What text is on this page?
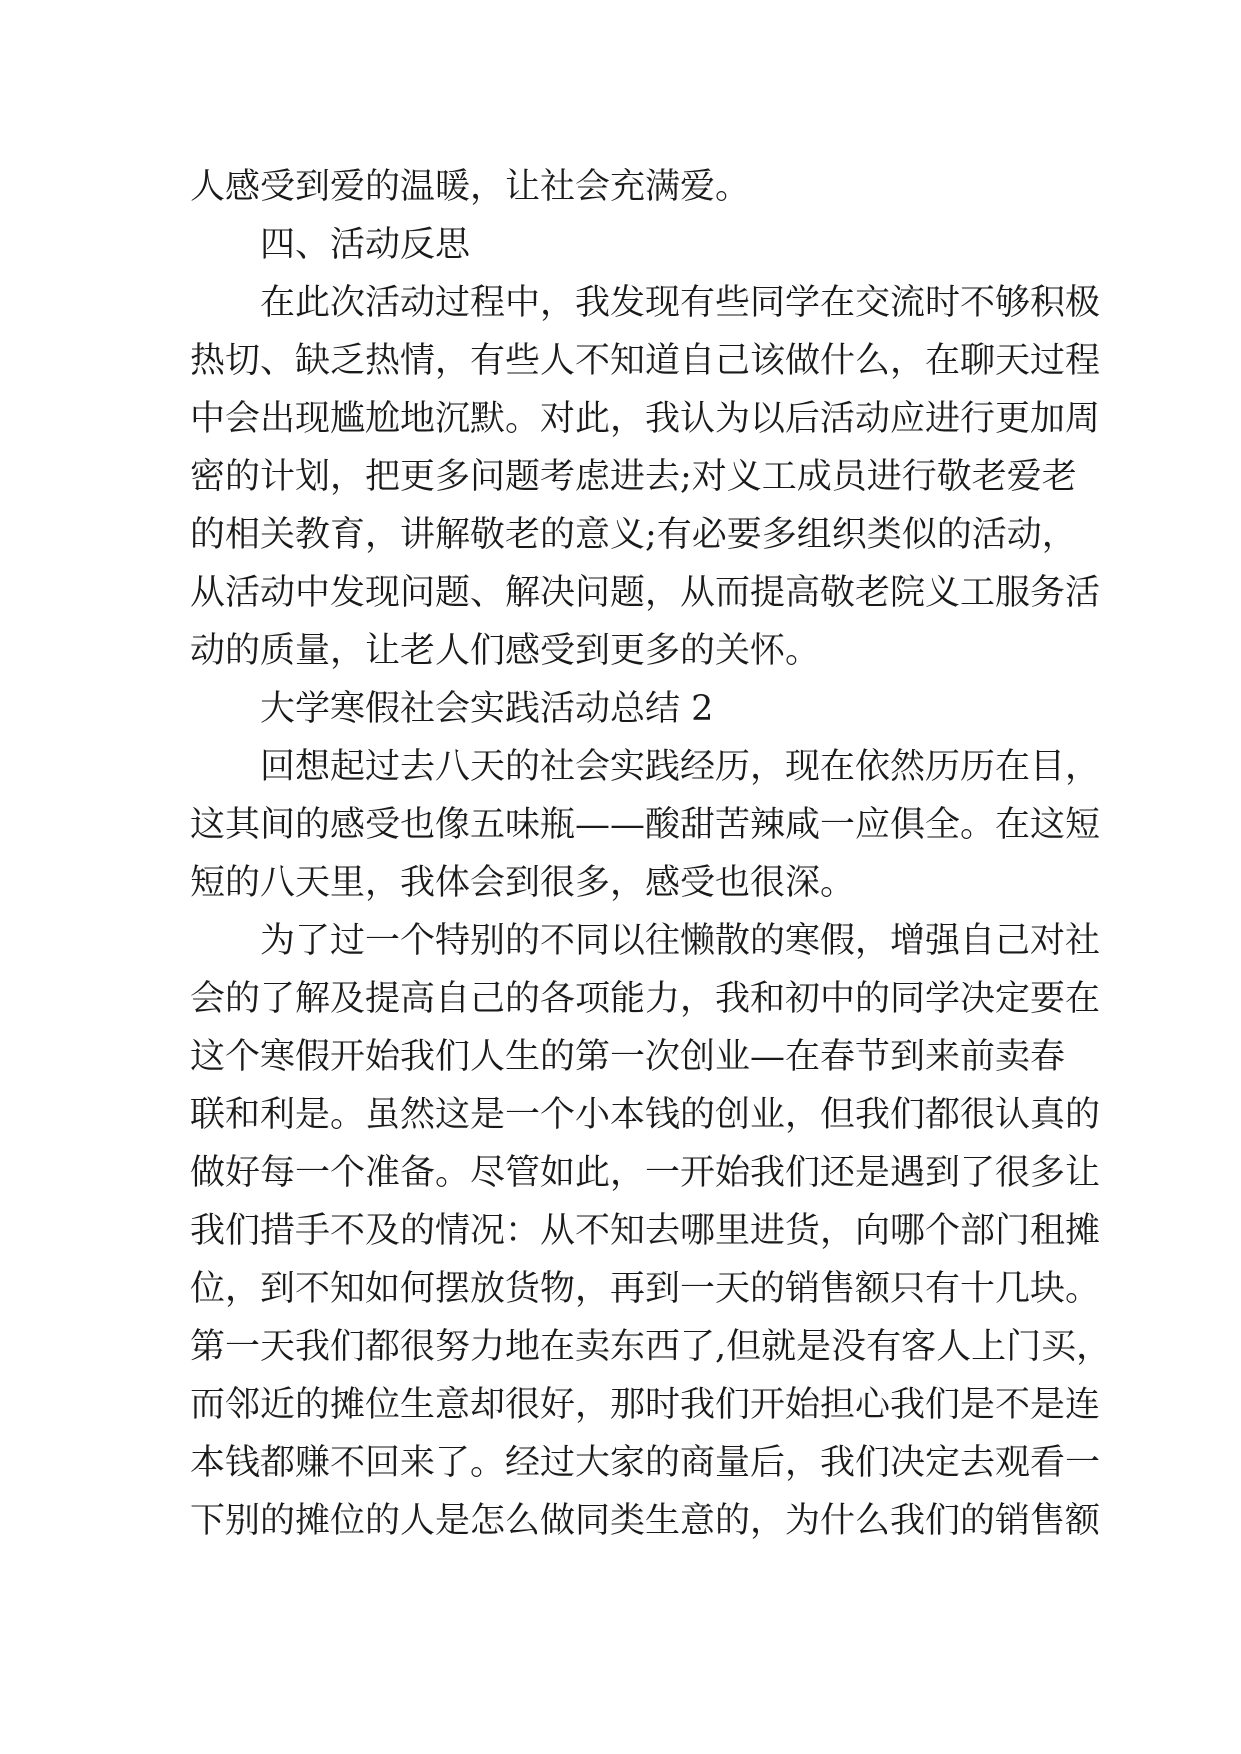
人感受到爱的温暖，让社会充满爱。
四、活动反思
在此次活动过程中，我发现有些同学在交流时不够积极
热切、缺乏热情，有些人不知道自己该做什么，在聊天过程
中会出现尴尬地沉默。对此，我认为以后活动应进行更加周
密的计划，把更多问题考虑进去;对义工成员进行敬老爱老
的相关教育，讲解敬老的意义;有必要多组织类似的活动，
从活动中发现问题、解决问题，从而提高敬老院义工服务活
动的质量，让老人们感受到更多的关怀。
大学寒假社会实践活动总结 2
回想起过去八天的社会实践经历，现在依然历历在目，
这其间的感受也像五味瓶——酸甜苦辣咸一应俱全。在这短
短的八天里，我体会到很多，感受也很深。
为了过一个特别的不同以往懒散的寒假，增强自己对社
会的了解及提高自己的各项能力，我和初中的同学决定要在
这个寒假开始我们人生的第一次创业—在春节到来前卖春
联和利是。虽然这是一个小本钱的创业，但我们都很认真的
做好每一个准备。尽管如此，一开始我们还是遇到了很多让
我们措手不及的情况：从不知去哪里进货，向哪个部门租摊
位，到不知如何摆放货物，再到一天的销售额只有十几块。
第一天我们都很努力地在卖东西了,但就是没有客人上门买，
而邻近的摊位生意却很好，那时我们开始担心我们是不是连
本钱都赚不回来了。经过大家的商量后，我们决定去观看一
下别的摊位的人是怎么做同类生意的，为什么我们的销售额
